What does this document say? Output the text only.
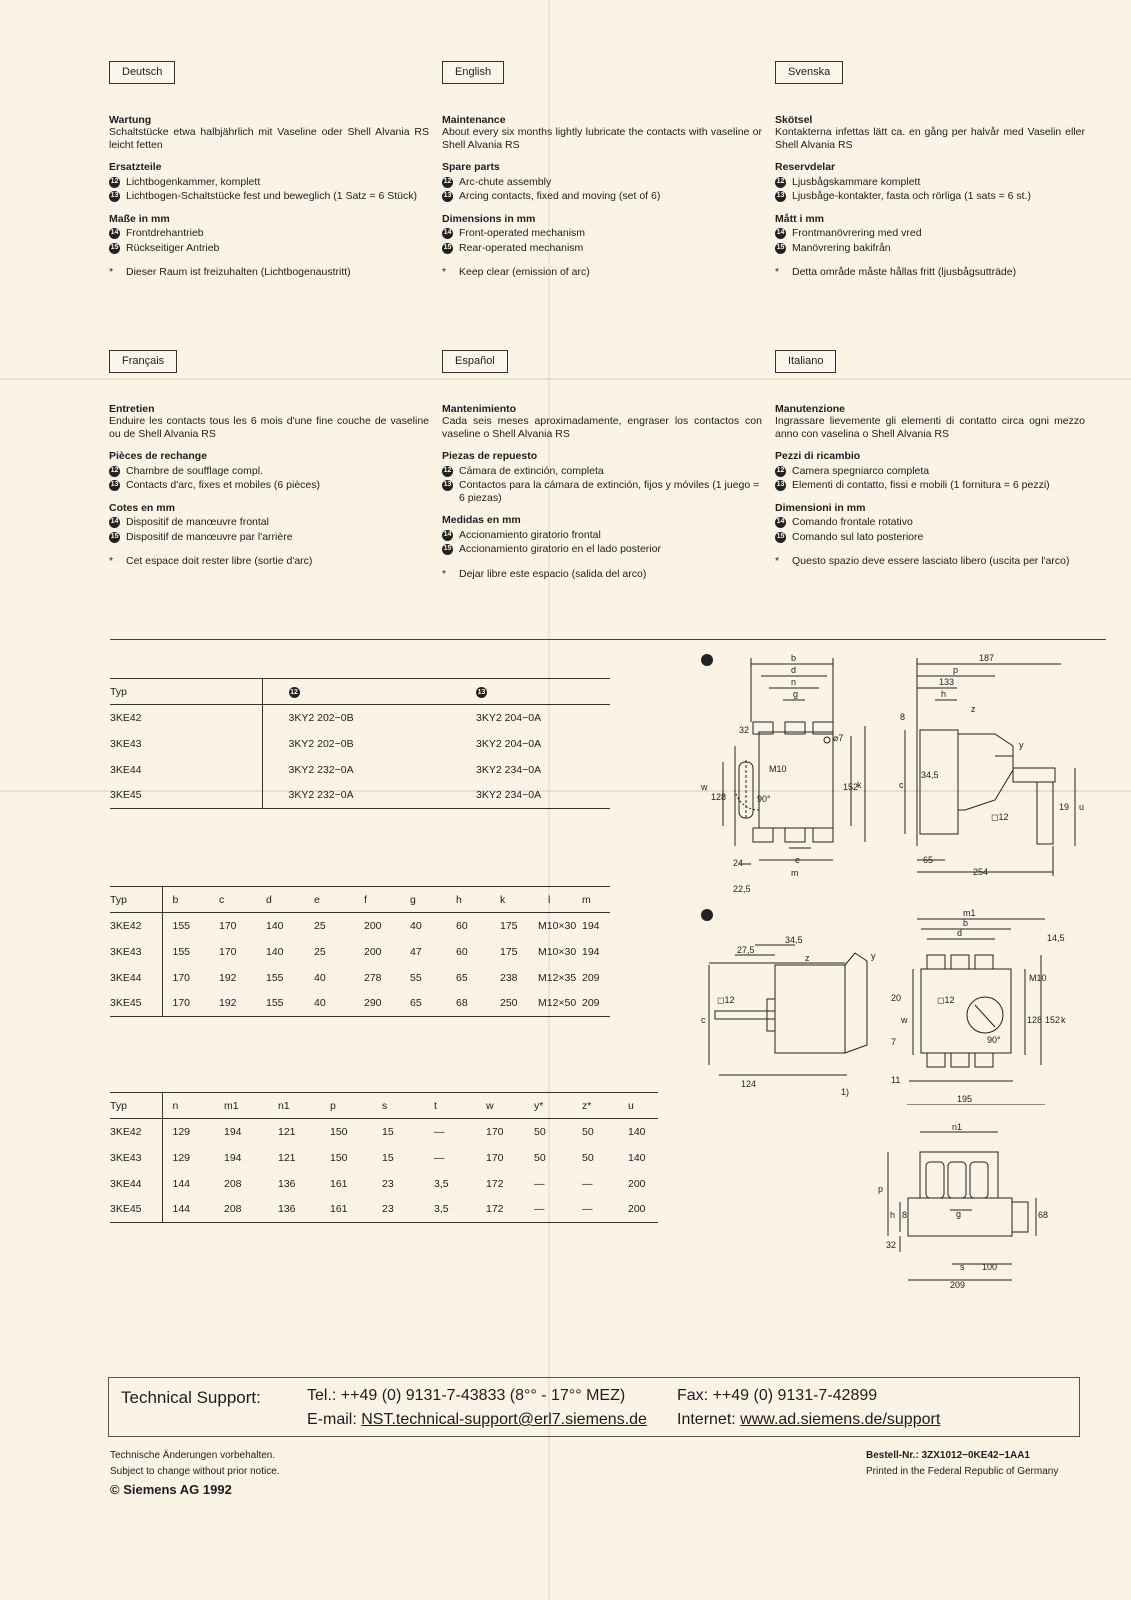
Deutsch
Wartung
Schaltstücke etwa halbjährlich mit Vaseline oder Shell Alvania RS leicht fetten
Ersatzteile
12 Lichtbogenkammer, komplett
13 Lichtbogen-Schaltstücke fest und beweglich (1 Satz = 6 Stück)
Maße in mm
14 Frontdrehantrieb
15 Rückseitiger Antrieb
*	Dieser Raum ist freizuhalten (Lichtbogenaustritt)
English
Maintenance
About every six months lightly lubricate the contacts with vaseline or Shell Alvania RS
Spare parts
12 Arc-chute assembly
13 Arcing contacts, fixed and moving (set of 6)
Dimensions in mm
14 Front-operated mechanism
15 Rear-operated mechanism
*	Keep clear (emission of arc)
Svenska
Skötsel
Kontakterna infettas lätt ca. en gång per halvår med Vaselin eller Shell Alvania RS
Reservdelar
12 Ljusbågskammare komplett
13 Ljusbåge-kontakter, fasta och rörliga (1 sats = 6 st.)
Mått i mm
14 Frontmanövrering med vred
15 Manövrering bakifrån
*	Detta område måste hållas fritt (ljusbågsutträde)
Français
Entretien
Enduire les contacts tous les 6 mois d'une fine couche de vaseline ou de Shell Alvania RS
Pièces de rechange
12 Chambre de soufflage compl.
13 Contacts d'arc, fixes et mobiles (6 pièces)
Cotes en mm
14 Dispositif de manœuvre frontal
15 Dispositif de manœuvre par l'arrière
*	Cet espace doit rester libre (sortie d'arc)
Español
Mantenimiento
Cada seis meses aproximadamente, engraser los contactos con vaseline o Shell Alvania RS
Piezas de repuesto
12 Cámara de extinción, completa
13 Contactos para la cámara de extinción, fijos y móviles (1 juego = 6 piezas)
Medidas en mm
14 Accionamiento giratorio frontal
15 Accionamiento giratorio en el lado posterior
*	Dejar libre este espacio (salida del arco)
Italiano
Manutenzione
Ingrassare lievemente gli elementi di contatto circa ogni mezzo anno con vaselina o Shell Alvania RS
Pezzi di ricambio
12 Camera spegniarco completa
13 Elementi di contatto, fissi e mobili (1 fornitura = 6 pezzi)
Dimensioni in mm
14 Comando frontale rotativo
15 Comando sul lato posteriore
*	Questo spazio deve essere lasciato libero (uscita per l'arco)
Typ	12	13
3KE42	3KY2 202−0B	3KY2 204−0A
3KE43	3KY2 202−0B	3KY2 204−0A
3KE44	3KY2 232−0A	3KY2 234−0A
3KE45	3KY2 232−0A	3KY2 234−0A
Typ	b	c	d	e	f	g	h	k	l	m
3KE42	155	170	140	25	200	40	60	175	M10×30	194
3KE43	155	170	140	25	200	47	60	175	M10×30	194
3KE44	170	192	155	40	278	55	65	238	M12×35	209
3KE45	170	192	155	40	290	65	68	250	M12×50	209
Typ	n	m1	n1	p	s	t	w	y*	z*	u
3KE42	129	194	121	150	15	—	170	50	50	140
3KE43	129	194	121	150	15	—	170	50	50	140
3KE44	144	208	136	161	23	3,5	172	—	—	200
3KE45	144	208	136	161	23	3,5	172	—	—	200
14	b
d
n
g
32
⌀7
M10
90°
w
128
152
k
24	e
m
22,5
187
p
133
h
z
8
y
c
34,5
◻12
19 u
65
254
15
27,5
34,5
z	y
◻12
c
124
1)
m1
b
d	14,5
M10
20
w
◻12
128 152 k
90°
7
11
195
n1
p
h 8
32
g	68
s 100
209
Technical Support:	Tel.: ++49 (0) 9131-7-43833 (8°° - 17°° MEZ)
E-mail: NST.technical-support@erl7.siemens.de
Fax: ++49 (0) 9131-7-42899
Internet: www.ad.siemens.de/support
Technische Änderungen vorbehalten.
Subject to change without prior notice.
© Siemens AG 1992
Bestell-Nr.: 3ZX1012−0KE42−1AA1
Printed in the Federal Republic of Germany
